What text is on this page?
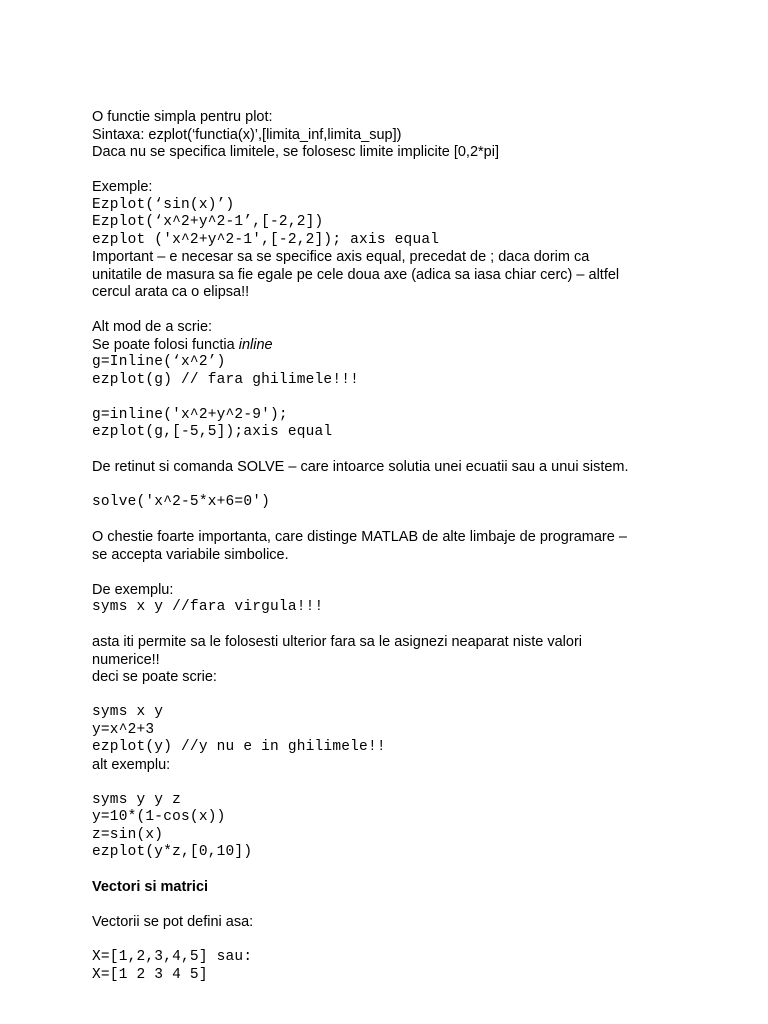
O functie simpla pentru plot:
Sintaxa: ezplot(‘functia(x)’,[limita_inf,limita_sup])
Daca nu se specifica limitele, se folosesc limite implicite [0,2*pi]
Exemple:
Ezplot(‘sin(x)’)
Ezplot(‘x^2+y^2-1’,[-2,2])
ezplot ('x^2+y^2-1',[-2,2]); axis equal
Important – e necesar sa se specifice axis equal, precedat de ; daca dorim ca
unitatile de masura sa fie egale pe cele doua axe (adica sa iasa chiar cerc) – altfel
cercul arata ca o elipsa!!
Alt mod de a scrie:
Se poate folosi functia inline
g=Inline(‘x^2’)
ezplot(g) // fara ghilimele!!!
g=inline('x^2+y^2-9');
ezplot(g,[-5,5]);axis equal
De retinut si comanda SOLVE – care intoarce solutia unei ecuatii sau a unui sistem.
solve('x^2-5*x+6=0')
O chestie foarte importanta, care distinge MATLAB de alte limbaje de programare –
se accepta variabile simbolice.
De exemplu:
syms x y //fara virgula!!!
asta iti permite sa le folosesti ulterior fara sa le asignezi neaparat niste valori
numerice!!
deci se poate scrie:
syms x y
y=x^2+3
ezplot(y) //y nu e in ghilimele!!
alt exemplu:
syms y y z
y=10*(1-cos(x))
z=sin(x)
ezplot(y*z,[0,10])
Vectori si matrici
Vectorii se pot defini asa:
X=[1,2,3,4,5] sau:
X=[1 2 3 4 5]
